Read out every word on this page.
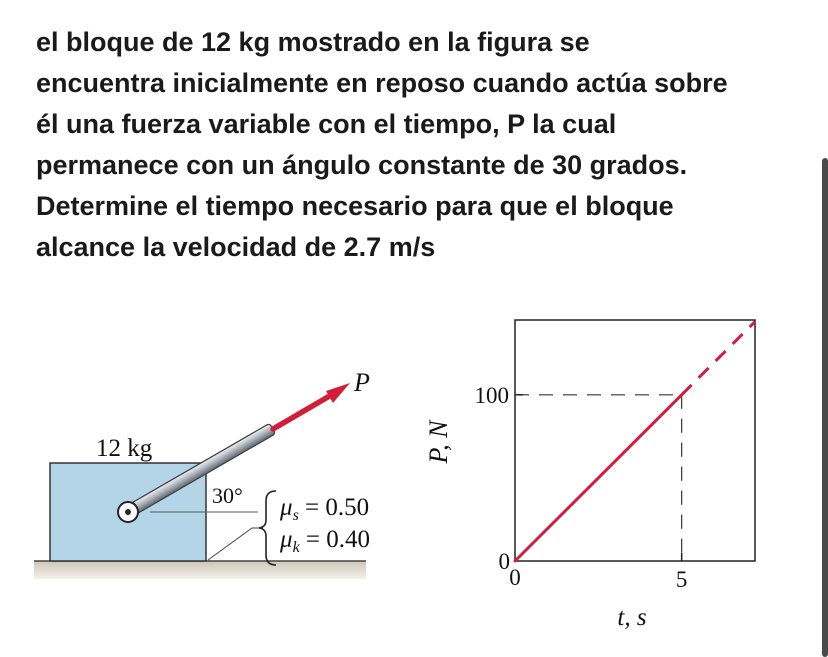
el bloque de 12 kg mostrado en la figura se
encuentra inicialmente en reposo cuando actúa sobre
él una fuerza variable con el tiempo, P la cual
permanece con un ángulo constante de 30 grados.
Determine el tiempo necesario para que el bloque
alcance la velocidad de 2.7 m/s
12 kg
30°
P
$\mu_s = 0.50$
$\mu_k = 0.40$
0	5
0
100
P, N
t, s
